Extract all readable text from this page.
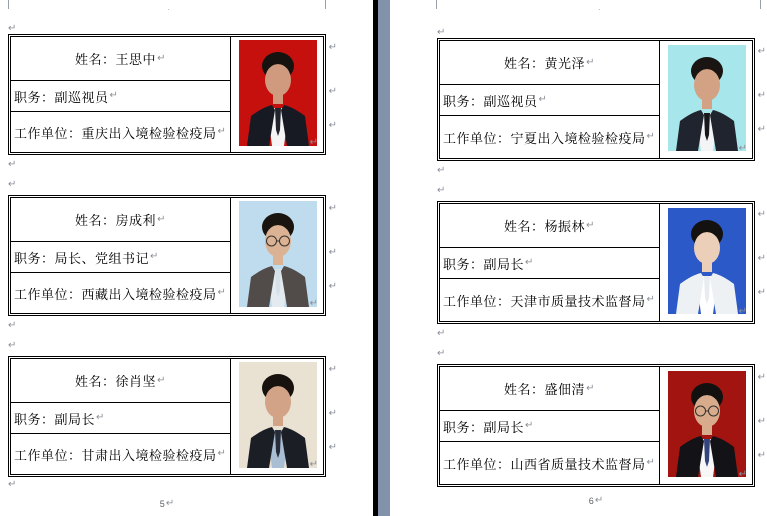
·
↵
姓名：王思中 ↵
职务：副巡视员 ↵
工作单位：重庆出入境检验检疫局 ↵
↵
↵
↵
↵
↵
↵
姓名：房成利 ↵
职务：局长、党组书记 ↵
工作单位：西藏出入境检验检疫局 ↵
↵
↵
↵
↵
↵
↵
姓名：徐肖坚 ↵
职务：副局长 ↵
工作单位：甘肃出入境检验检疫局 ↵
↵
↵
↵
↵
↵
5 ↵
·
↵
姓名：黄光泽 ↵
职务：副巡视员 ↵
工作单位：宁夏出入境检验检疫局 ↵
↵
↵
↵
↵
↵
↵
姓名：杨振林 ↵
职务：副局长 ↵
工作单位：天津市质量技术监督局 ↵
↵
↵
↵
↵
↵
↵
姓名：盛佃清 ↵
职务：副局长 ↵
工作单位：山西省质量技术监督局 ↵
↵
↵
↵
↵
6 ↵
